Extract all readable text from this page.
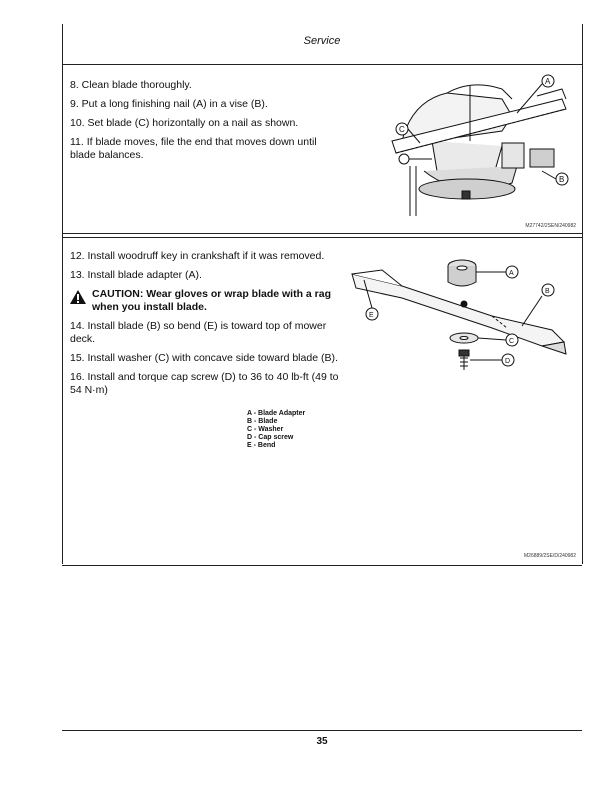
Service

8. Clean blade thoroughly.

9. Put a long finishing nail (A) in a vise (B).

10. Set blade (C) horizontally on a nail as shown.

11. If blade moves, file the end that moves down until blade balances.

A
B
C
M27742/2SEN/240982

12. Install woodruff key in crankshaft if it was removed.

13. Install blade adapter (A).

CAUTION: Wear gloves or wrap blade with a rag when you install blade.

14. Install blade (B) so bend (E) is toward top of mower deck.

15. Install washer (C) with concave side toward blade (B).

16. Install and torque cap screw (D) to 36 to 40 lb-ft (49 to 54 N·m)

A
B
C
D
E
A - Blade Adapter
B - Blade
C - Washer
D - Cap screw
E - Bend
M26889/2SE/D/240982
35
